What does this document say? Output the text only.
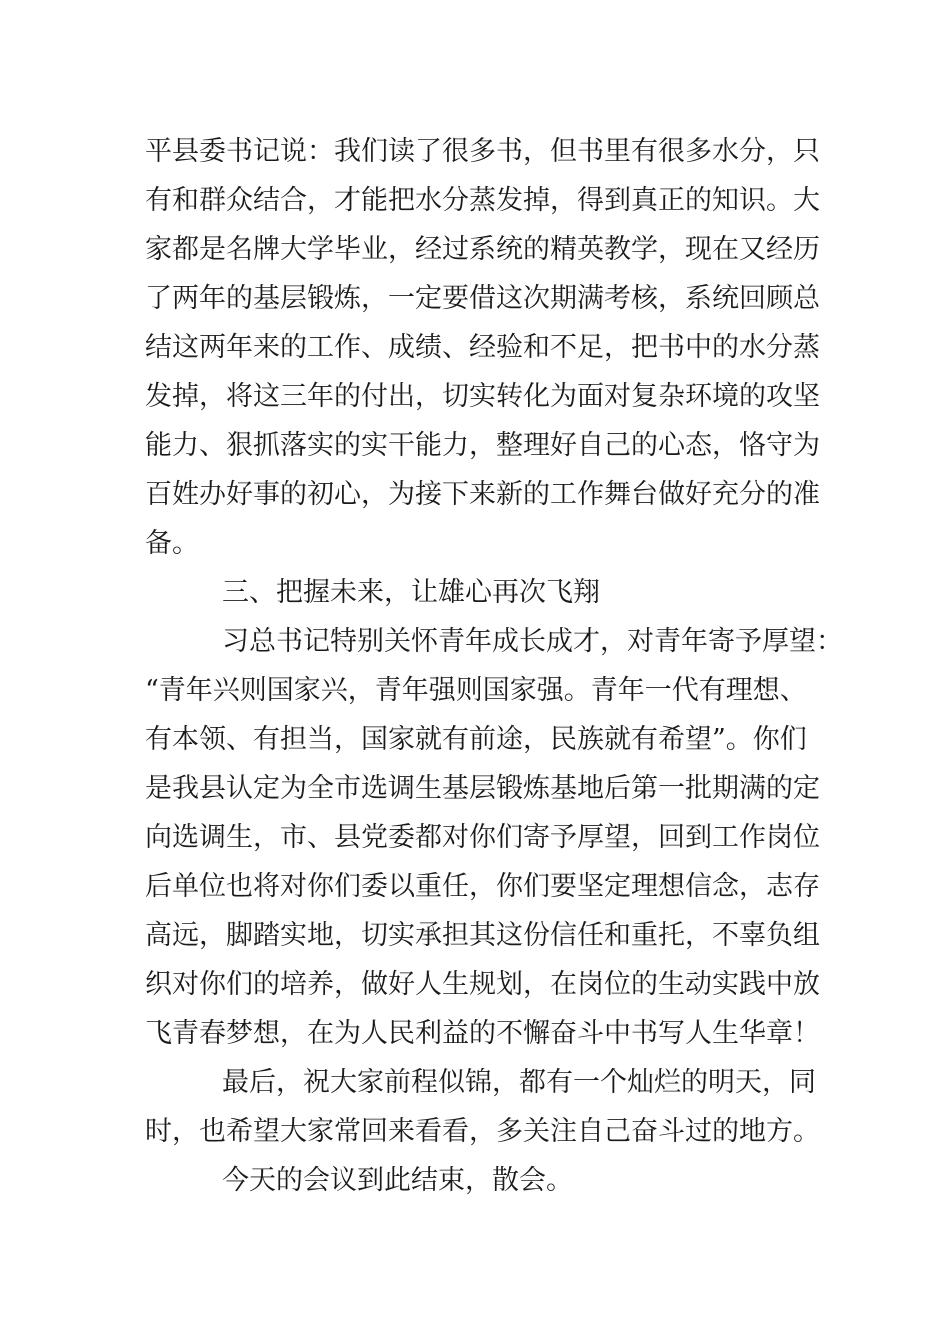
平县委书记说：我们读了很多书，但书里有很多水分，只
有和群众结合，才能把水分蒸发掉，得到真正的知识。大
家都是名牌大学毕业，经过系统的精英教学，现在又经历
了两年的基层锻炼，一定要借这次期满考核，系统回顾总
结这两年来的工作、成绩、经验和不足，把书中的水分蒸
发掉，将这三年的付出，切实转化为面对复杂环境的攻坚
能力、狠抓落实的实干能力，整理好自己的心态，恪守为
百姓办好事的初心，为接下来新的工作舞台做好充分的准
备。
三、把握未来，让雄心再次飞翔
习总书记特别关怀青年成长成才，对青年寄予厚望：
“青年兴则国家兴，青年强则国家强。青年一代有理想、
有本领、有担当，国家就有前途，民族就有希望”。你们
是我县认定为全市选调生基层锻炼基地后第一批期满的定
向选调生，市、县党委都对你们寄予厚望，回到工作岗位
后单位也将对你们委以重任，你们要坚定理想信念，志存
高远，脚踏实地，切实承担其这份信任和重托，不辜负组
织对你们的培养，做好人生规划，在岗位的生动实践中放
飞青春梦想，在为人民利益的不懈奋斗中书写人生华章！
最后，祝大家前程似锦，都有一个灿烂的明天，同
时，也希望大家常回来看看，多关注自己奋斗过的地方。
今天的会议到此结束，散会。
